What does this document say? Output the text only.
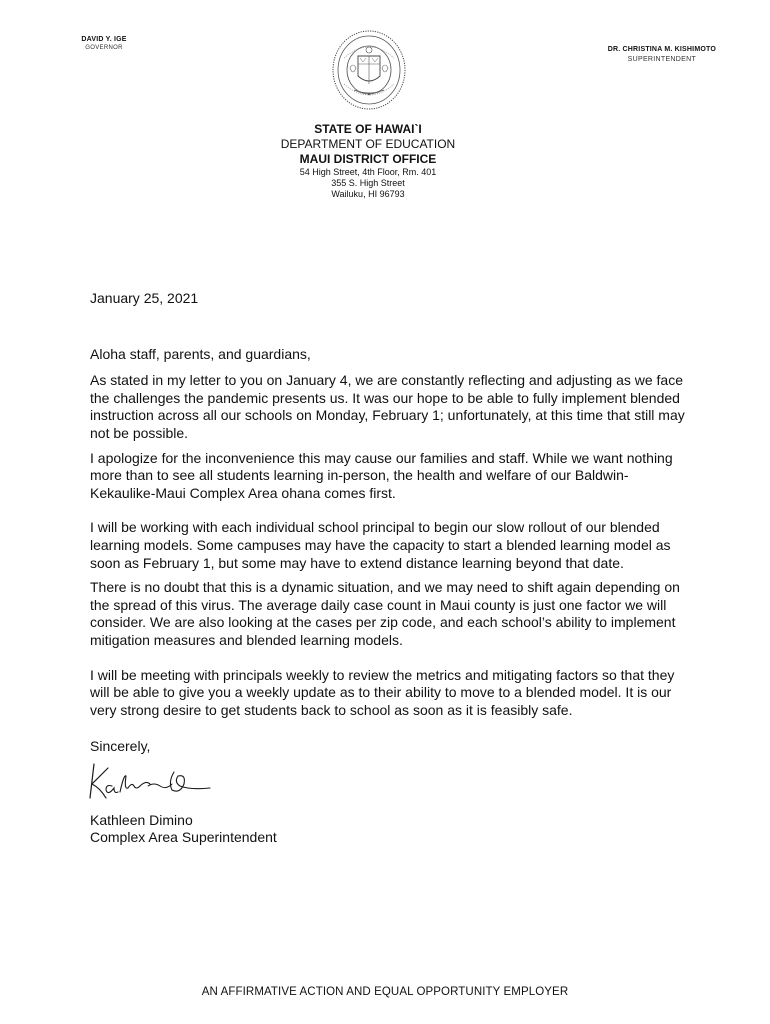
DAVID Y. IGE
GOVERNOR	DR. CHRISTINA M. KISHIMOTO
SUPERINTENDENT
STATE OF HAWAI`I
DEPARTMENT OF EDUCATION
MAUI DISTRICT OFFICE
54 High Street, 4th Floor, Rm. 401
355 S. High Street
Wailuku, HI 96793

January 25, 2021

Aloha staff, parents, and guardians,

As stated in my letter to you on January 4, we are constantly reflecting and adjusting as we face the challenges the pandemic presents us. It was our hope to be able to fully implement blended instruction across all our schools on Monday, February 1; unfortunately, at this time that still may not be possible.

I apologize for the inconvenience this may cause our families and staff. While we want nothing more than to see all students learning in-person, the health and welfare of our Baldwin-Kekaulike-Maui Complex Area ohana comes first.

I will be working with each individual school principal to begin our slow rollout of our blended learning models. Some campuses may have the capacity to start a blended learning model as soon as February 1, but some may have to extend distance learning beyond that date.

There is no doubt that this is a dynamic situation, and we may need to shift again depending on the spread of this virus. The average daily case count in Maui county is just one factor we will consider. We are also looking at the cases per zip code, and each school’s ability to implement mitigation measures and blended learning models.

I will be meeting with principals weekly to review the metrics and mitigating factors so that they will be able to give you a weekly update as to their ability to move to a blended model. It is our very strong desire to get students back to school as soon as it is feasibly safe.

Sincerely,

Kathleen Dimino

Complex Area Superintendent

AN AFFIRMATIVE ACTION AND EQUAL OPPORTUNITY EMPLOYER
